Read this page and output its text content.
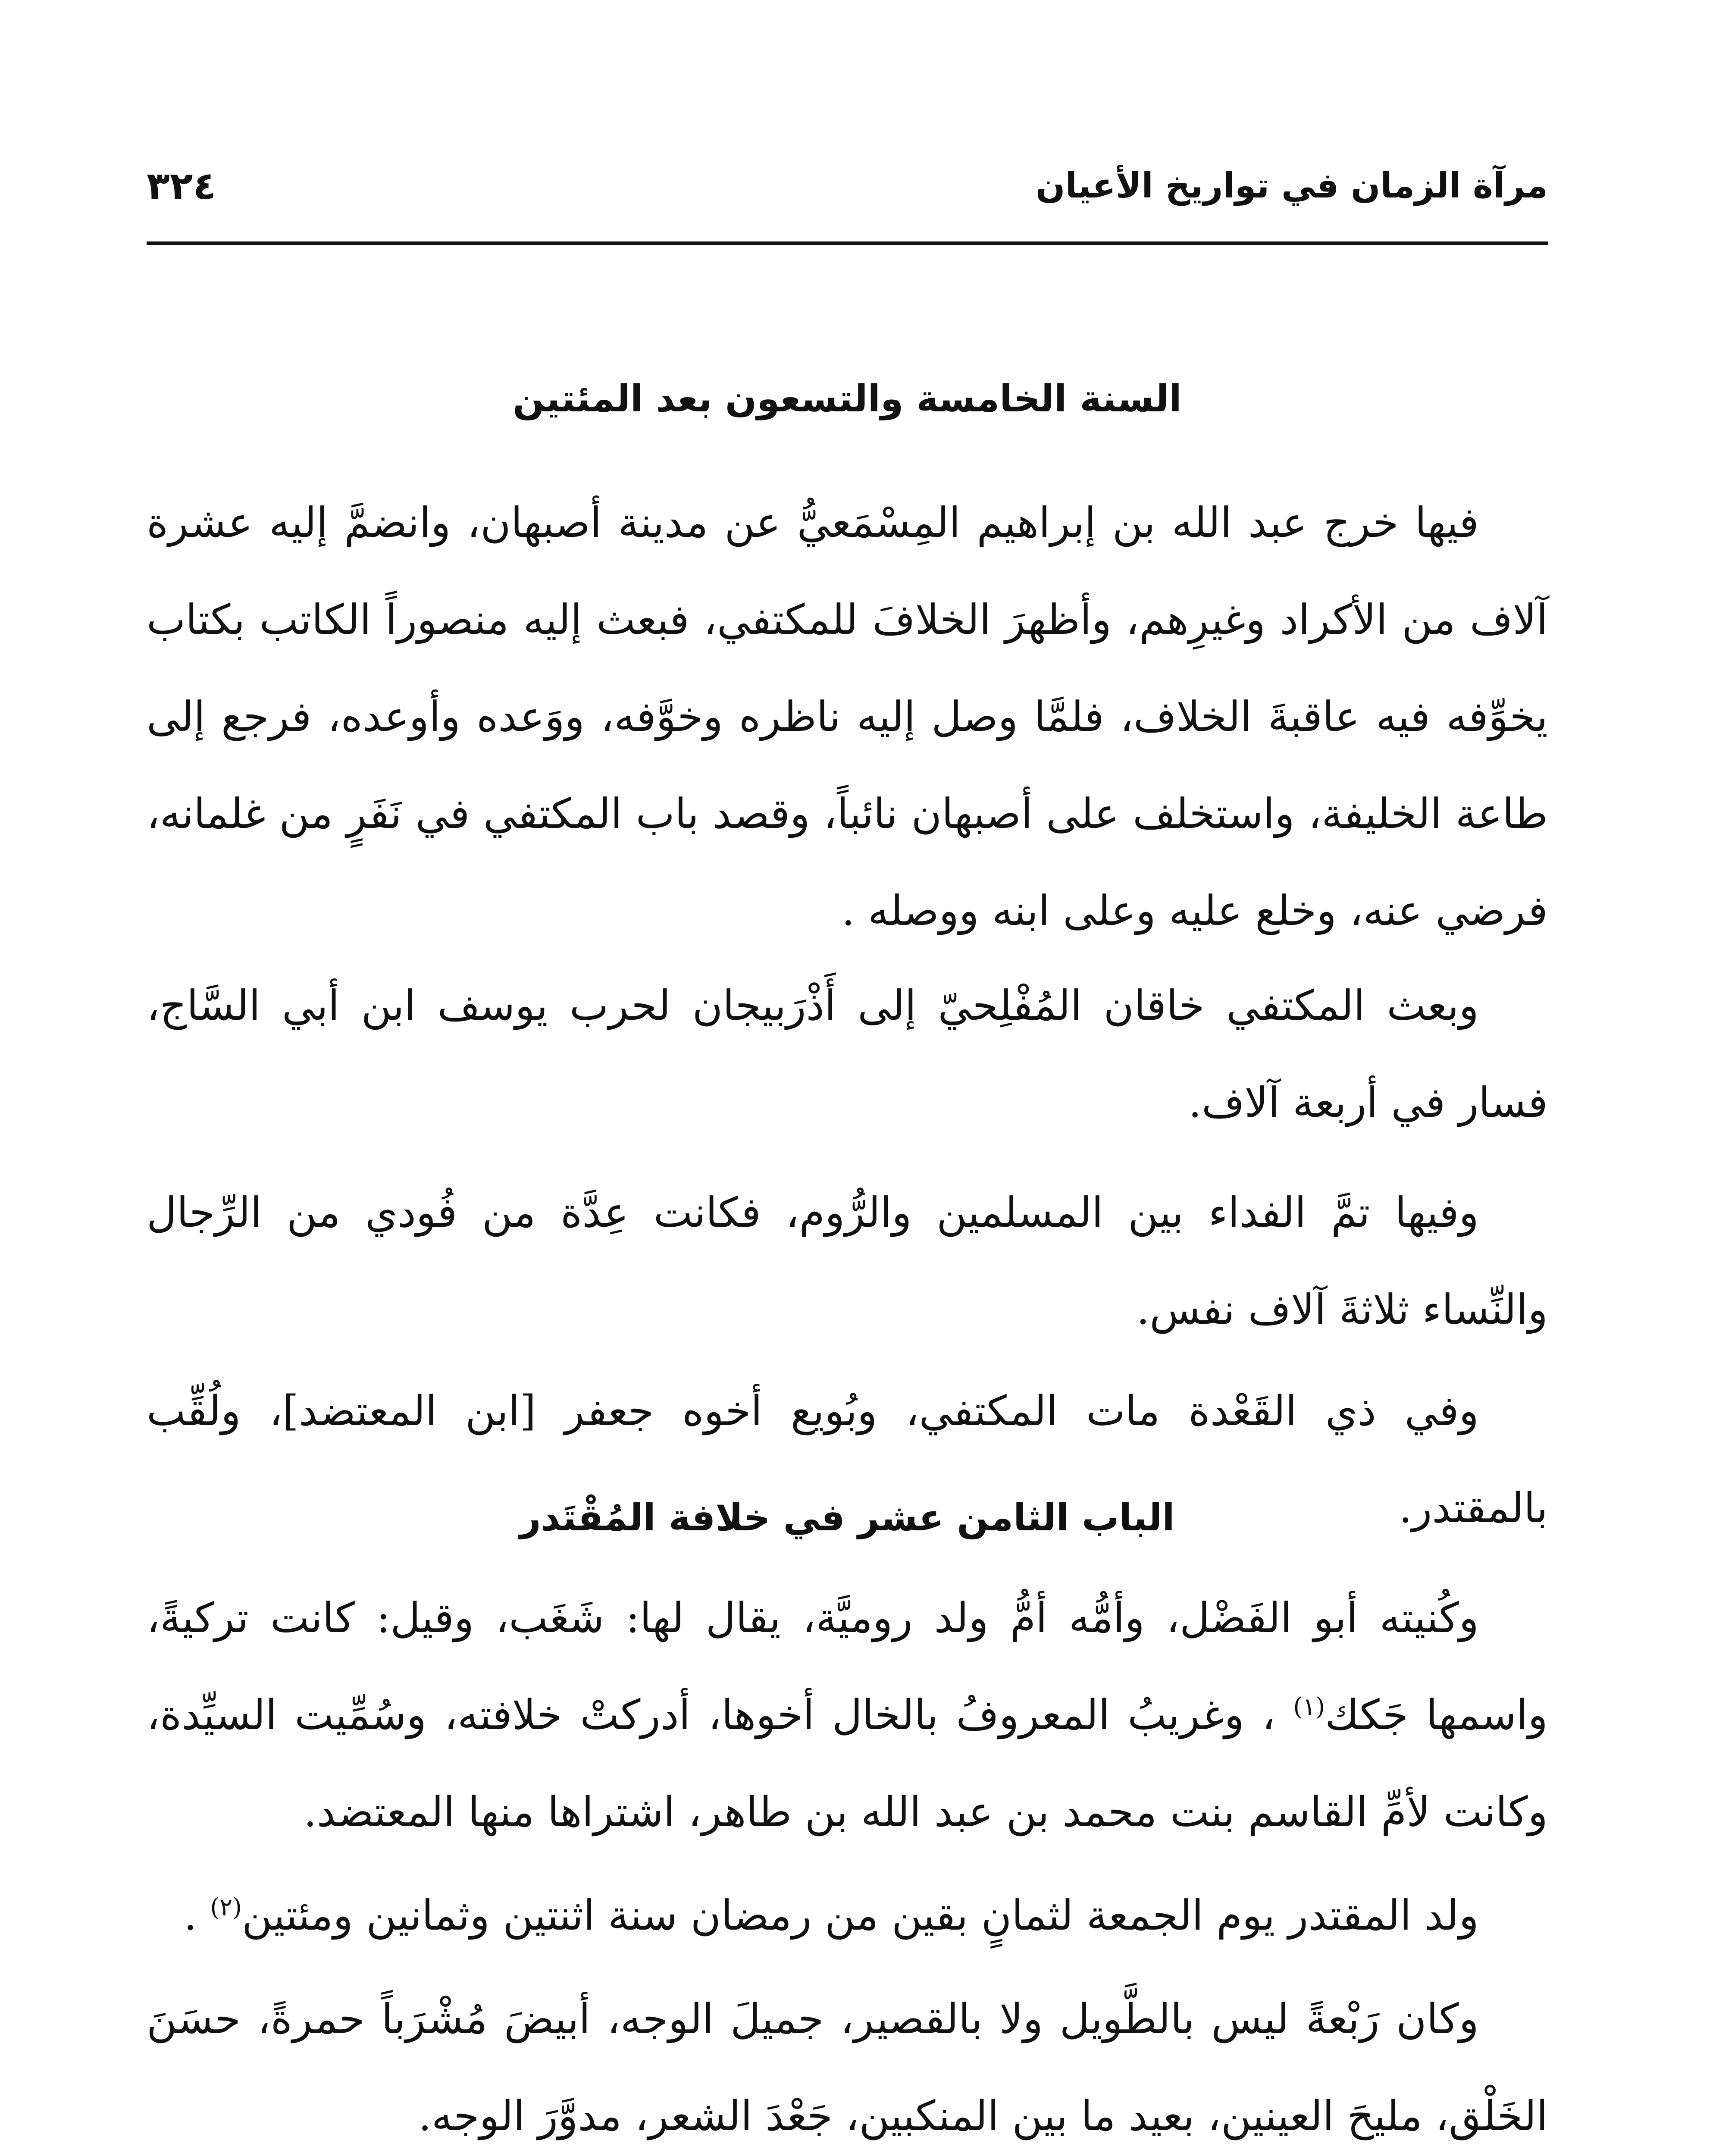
مرآة الزمان في تواريخ الأعيان
٣٢٤
السنة الخامسة والتسعون بعد المئتين

فيها خرج عبد الله بن إبراهيم المِسْمَعيُّ عن مدينة أصبهان، وانضمَّ إليه عشرة آلاف من الأكراد وغيرِهم، وأظهرَ الخلافَ للمكتفي، فبعث إليه منصوراً الكاتب بكتاب يخوِّفه فيه عاقبةَ الخلاف، فلمَّا وصل إليه ناظره وخوَّفه، ووَعده وأوعده، فرجع إلى طاعة الخليفة، واستخلف على أصبهان نائباً، وقصد باب المكتفي في نَفَرٍ من غلمانه، فرضي عنه، وخلع عليه وعلى ابنه ووصله .

وبعث المكتفي خاقان المُفْلِحيّ إلى أَذْرَبيجان لحرب يوسف ابن أبي السَّاج، فسار في أربعة آلاف.

وفيها تمَّ الفداء بين المسلمين والرُّوم، فكانت عِدَّة من فُودي من الرِّجال والنِّساء ثلاثةَ آلاف نفس.

وفي ذي القَعْدة مات المكتفي، وبُويع أخوه جعفر [ابن المعتضد]، ولُقِّب بالمقتدر.

الباب الثامن عشر في خلافة المُقْتَدر

وكُنيته أبو الفَضْل، وأمُّه أمُّ ولد روميَّة، يقال لها: شَغَب، وقيل: كانت تركيةً، واسمها جَكك$^{(١)}$ ، وغريبُ المعروفُ بالخال أخوها، أدركتْ خلافته، وسُمِّيت السيِّدة، وكانت لأمِّ القاسم بنت محمد بن عبد الله بن طاهر، اشتراها منها المعتضد.

ولد المقتدر يوم الجمعة لثمانٍ بقين من رمضان سنة اثنتين وثمانين ومئتين$^{(٢)}$ .

وكان رَبْعةً ليس بالطَّويل ولا بالقصير، جميلَ الوجه، أبيضَ مُشْرَباً حمرةً، حسَنَ الخَلْق، مليحَ العينين، بعيد ما بين المنكبين، جَعْدَ الشعر، مدوَّرَ الوجه.
